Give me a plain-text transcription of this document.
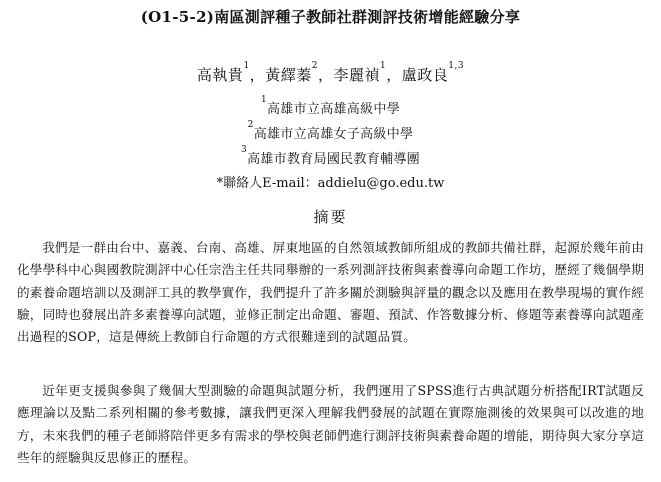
(O1-5-2)南區測評種子教師社群測評技術增能經驗分享
高執貴$^1$，黃繹蓁$^2$，李麗禎$^1$，盧政良$^{1,3}$
$^1$高雄市立高雄高級中學
$^2$高雄市立高雄女子高級中學
$^3$高雄市教育局國民教育輔導團
*聯絡人E-mail：addielu@go.edu.tw
摘要

我們是一群由台中、嘉義、台南、高雄、屏東地區的自然領域教師所組成的教師共備社群，起源於幾年前由化學學科中心與國教院測評中心任宗浩主任共同舉辦的一系列測評技術與素養導向命題工作坊，歷經了幾個學期的素養命題培訓以及測評工具的教學實作，我們提升了許多關於測驗與評量的觀念以及應用在教學現場的實作經驗，同時也發展出許多素養導向試題，並修正制定出命題、審題、預試、作答數據分析、修題等素養導向試題產出過程的SOP，這是傳統上教師自行命題的方式很難達到的試題品質。

近年更支援與參與了幾個大型測驗的命題與試題分析，我們運用了SPSS進行古典試題分析搭配IRT試題反應理論以及點二系列相關的參考數據，讓我們更深入理解我們發展的試題在實際施測後的效果與可以改進的地方，未來我們的種子老師將陪伴更多有需求的學校與老師們進行測評技術與素養命題的增能，期待與大家分享這些年的經驗與反思修正的歷程。
